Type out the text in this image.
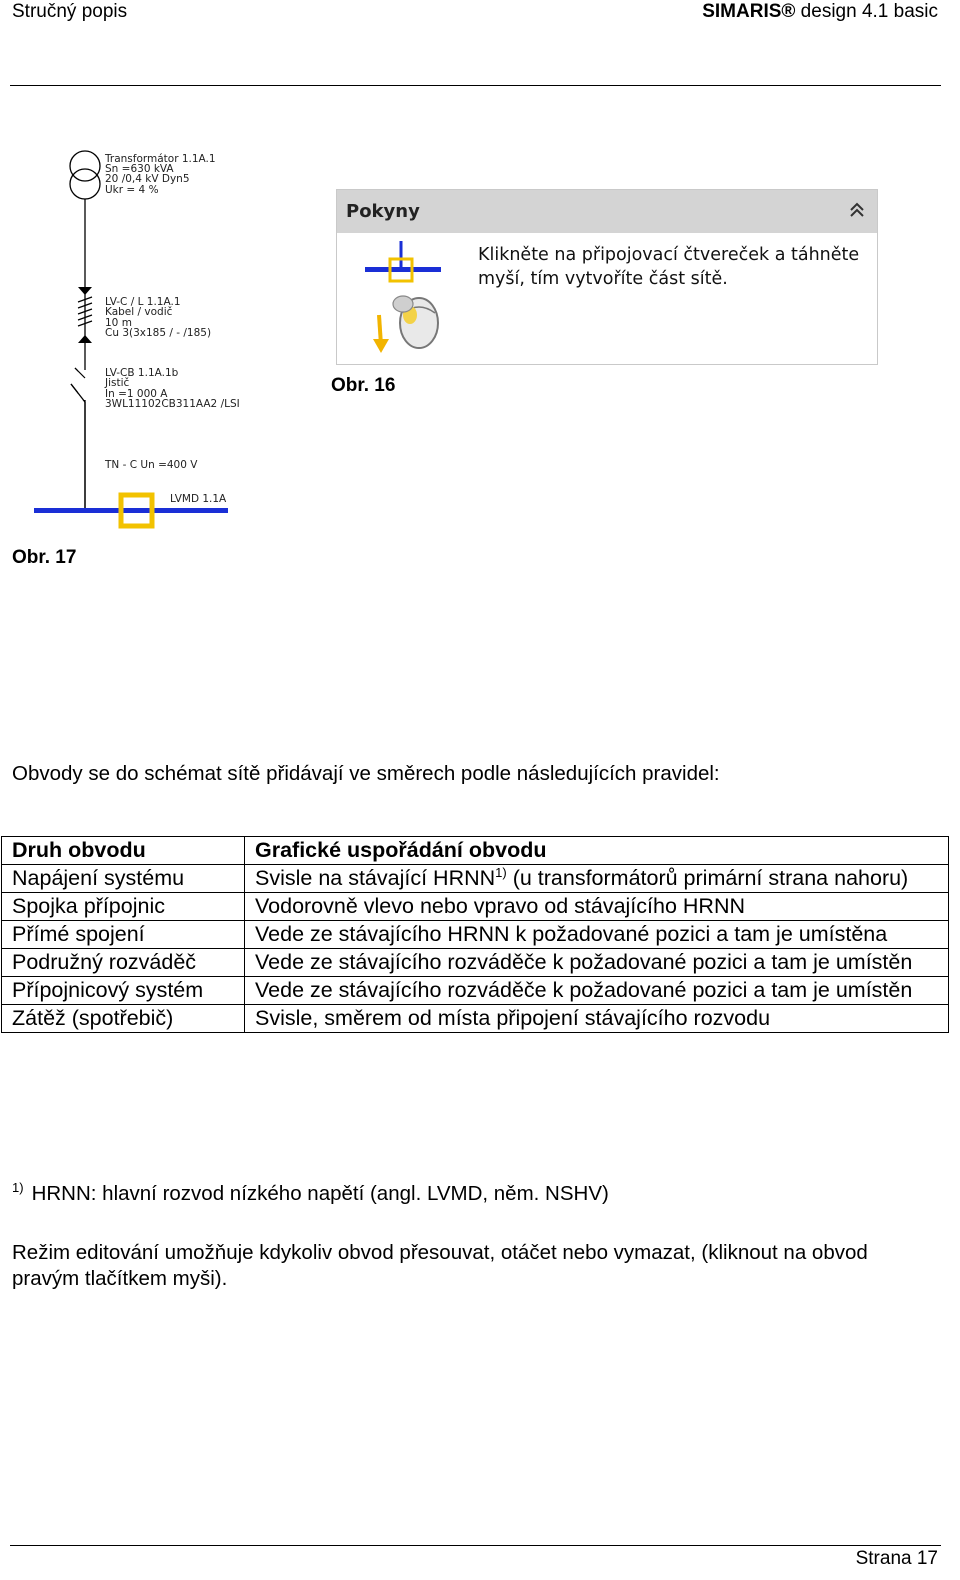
Stručný popis	SIMARIS® design 4.1 basic
Transformátor 1.1A.1 Sn =630 kVA 20 /0,4 kV Dyn5 Ukr = 4 %
LV-C / L 1.1A.1 Kabel / vodič 10 m Cu 3(3x185 / - /185)
LV-CB 1.1A.1b Jistič In =1 000 A 3WL11102CB311AA2 /LSI
TN - C Un =400 V
LVMD 1.1A
Pokyny
Klikněte na připojovací čtvereček a táhněte myší, tím vytvoříte část sítě.
Obr. 16
Obr. 17
Obvody se do schémat sítě přidávají ve směrech podle následujících pravidel:
Druh obvodu	Grafické uspořádání obvodu
Napájení systému	Svisle na stávající HRNN$^{1)}$ (u transformátorů primární strana nahoru)
Spojka přípojnic	Vodorovně vlevo nebo vpravo od stávajícího HRNN
Přímé spojení	Vede ze stávajícího HRNN k požadované pozici a tam je umístěna
Podružný rozváděč	Vede ze stávajícího rozváděče k požadované pozici a tam je umístěn
Přípojnicový systém	Vede ze stávajícího rozváděče k požadované pozici a tam je umístěn
Zátěž (spotřebič)	Svisle, směrem od místa připojení stávajícího rozvodu
$^{1)}$ HRNN: hlavní rozvod nízkého napětí (angl. LVMD, něm. NSHV)
Režim editování umožňuje kdykoliv obvod přesouvat, otáčet nebo vymazat, (kliknout na obvod pravým tlačítkem myši).
Strana 17
